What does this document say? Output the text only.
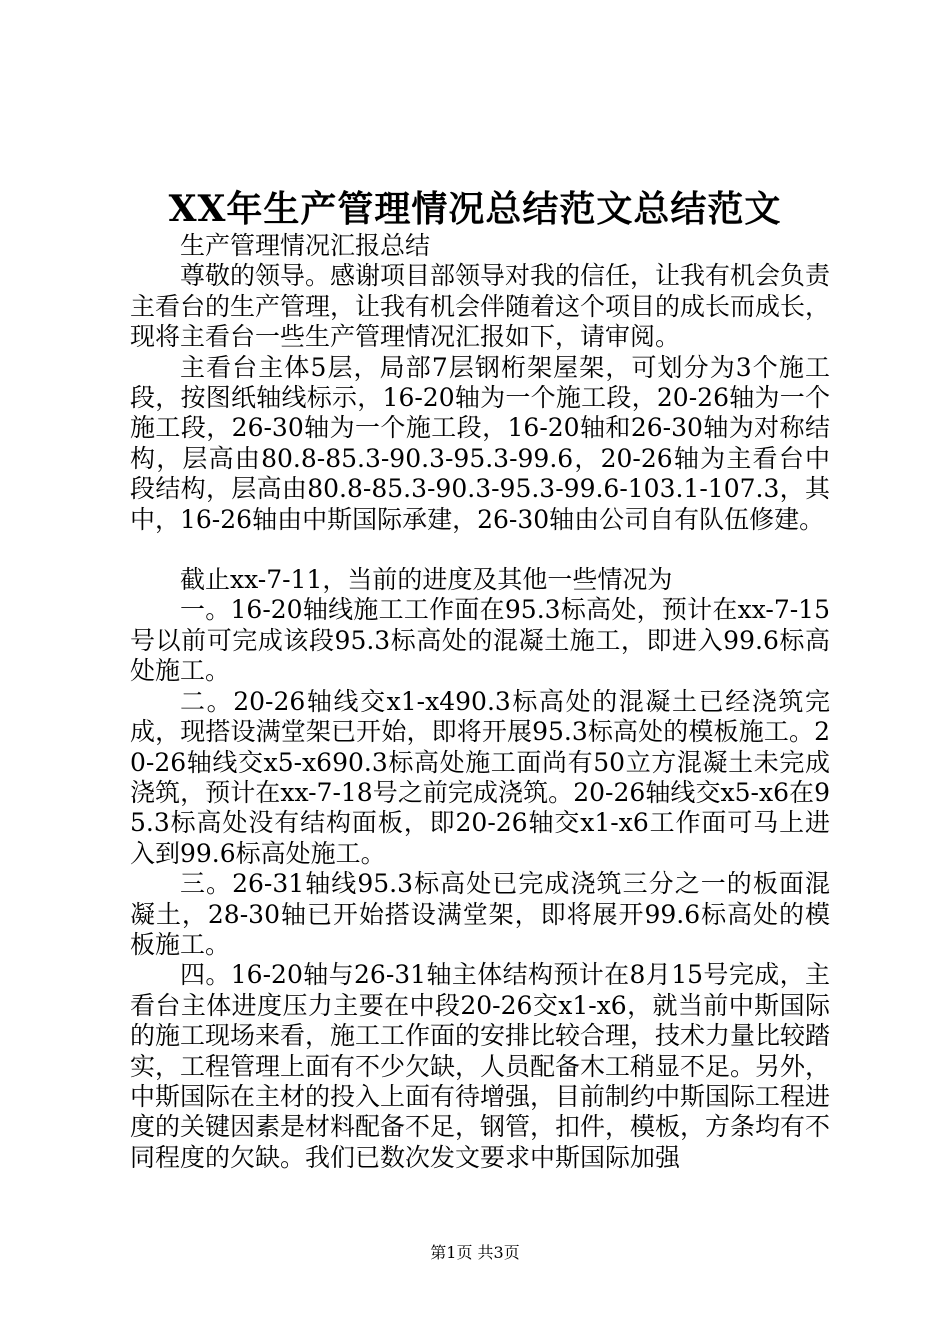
XX年生产管理情况总结范文总结范文

生产管理情况汇报总结

尊敬的领导。感谢项目部领导对我的信任，让我有机会负责主看台的生产管理，让我有机会伴随着这个项目的成长而成长，现将主看台一些生产管理情况汇报如下，请审阅。

主看台主体5层，局部7层钢桁架屋架，可划分为3个施工段，按图纸轴线标示，16-20轴为一个施工段，20-26轴为一个施工段，26-30轴为一个施工段，16-20轴和26-30轴为对称结构，层高由80.8-85.3-90.3-95.3-99.6，20-26轴为主看台中段结构，层高由80.8-85.3-90.3-95.3-99.6-103.1-107.3，其中，16-26轴由中斯国际承建，26-30轴由公司自有队伍修建。

截止xx-7-11，当前的进度及其他一些情况为

一。16-20轴线施工工作面在95.3标高处，预计在xx-7-15号以前可完成该段95.3标高处的混凝土施工，即进入99.6标高处施工。

二。20-26轴线交x1-x490.3标高处的混凝土已经浇筑完成，现搭设满堂架已开始，即将开展95.3标高处的模板施工。20-26轴线交x5-x690.3标高处施工面尚有50立方混凝土未完成浇筑，预计在xx-7-18号之前完成浇筑。20-26轴线交x5-x6在95.3标高处没有结构面板，即20-26轴交x1-x6工作面可马上进入到99.6标高处施工。

三。26-31轴线95.3标高处已完成浇筑三分之一的板面混凝土，28-30轴已开始搭设满堂架，即将展开99.6标高处的模板施工。

四。16-20轴与26-31轴主体结构预计在8月15号完成，主看台主体进度压力主要在中段20-26交x1-x6，就当前中斯国际的施工现场来看，施工工作面的安排比较合理，技术力量比较踏实，工程管理上面有不少欠缺，人员配备木工稍显不足。另外，中斯国际在主材的投入上面有待增强，目前制约中斯国际工程进度的关键因素是材料配备不足，钢管，扣件，模板，方条均有不同程度的欠缺。我们已数次发文要求中斯国际加强

第1页 共3页
